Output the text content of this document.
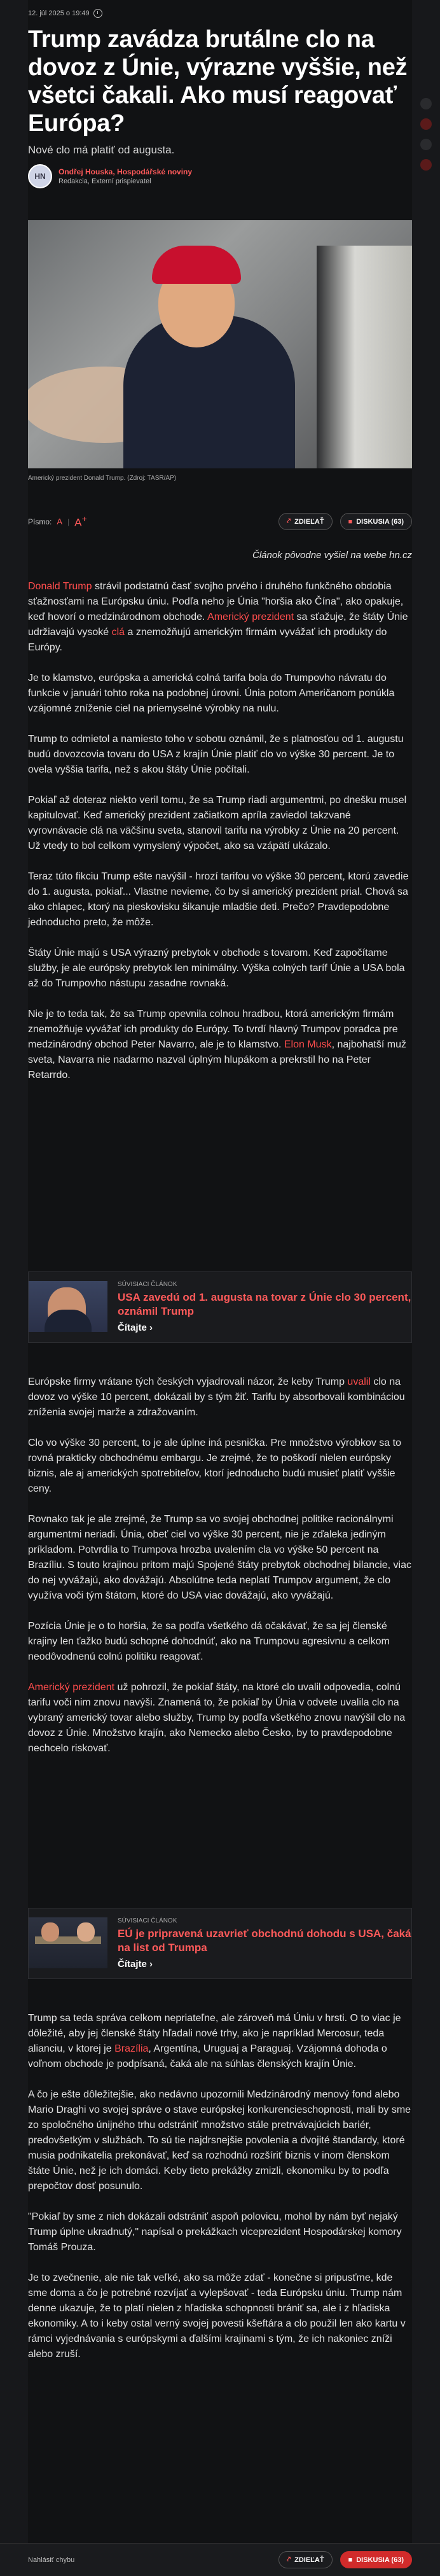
12. júl 2025 o 19:49
Trump zavádza brutálne clo na dovoz z Únie, výrazne vyššie, než všetci čakali. Ako musí reagovať Európa?
Nové clo má platiť od augusta.
HN	Ondřej Houska, Hospodářské noviny
Redakcia, Externí prispievatel
Americký prezident Donald Trump. (Zdroj: TASR/AP)
Písmo: A | A+	⤤ ZDIEĽAŤ	■ DISKUSIA (63)
Článok pôvodne vyšiel na webe hn.cz

Donald Trump strávil podstatnú časť svojho prvého i druhého funkčného obdobia sťažnosťami na Európsku úniu. Podľa neho je Únia "horšia ako Čína", ako opakuje, keď hovorí o medzinárodnom obchode. Americký prezident sa sťažuje, že štáty Únie udržiavajú vysoké clá a znemožňujú americkým firmám vyvážať ich produkty do Európy.

Je to klamstvo, európska a americká colná tarifa bola do Trumpovho návratu do funkcie v januári tohto roka na podobnej úrovni. Únia potom Američanom ponúkla vzájomné zníženie ciel na priemyselné výrobky na nulu.

Trump to odmietol a namiesto toho v sobotu oznámil, že s platnosťou od 1. augustu budú dovozcovia tovaru do USA z krajín Únie platiť clo vo výške 30 percent. Je to ovela vyššia tarifa, než s akou štáty Únie počítali.

Pokiaľ až doteraz niekto veril tomu, že sa Trump riadi argumentmi, po dnešku musel kapitulovať. Keď americký prezident začiatkom apríla zaviedol takzvané vyrovnávacie clá na väčšinu sveta, stanovil tarifu na výrobky z Únie na 20 percent. Už vtedy to bol celkom vymyslený výpočet, ako sa vzápätí ukázalo.

Teraz túto fikciu Trump ešte navýšil - hrozí tarifou vo výške 30 percent, ktorú zavedie do 1. augusta, pokiaľ... Vlastne nevieme, čo by si americký prezident prial. Chová sa ako chlapec, ktorý na pieskovisku šikanuje mladšie deti. Prečo? Pravdepodobne jednoducho preto, že môže.

Štáty Únie majú s USA výrazný prebytok v obchode s tovarom. Keď započítame služby, je ale európsky prebytok len minimálny. Výška colných taríf Únie a USA bola až do Trumpovho nástupu zasadne rovnaká.

Nie je to teda tak, že sa Trump opevnila colnou hradbou, ktorá americkým firmám znemožňuje vyvážať ich produkty do Európy. To tvrdí hlavný Trumpov poradca pre medzinárodný obchod Peter Navarro, ale je to klamstvo. Elon Musk, najbohatší muž sveta, Navarra nie nadarmo nazval úplným hlupákom a prekrstil ho na Peter Retarrdo.

SÚVISIACI ČLÁNOK
USA zavedú od 1. augusta na tovar z Únie clo 30 percent, oznámil Trump
Čítajte ›

Európske firmy vrátane tých českých vyjadrovali názor, že keby Trump uvalil clo na dovoz vo výške 10 percent, dokázali by s tým žiť. Tarifu by absorbovali kombináciou zníženia svojej marže a zdražovaním.

Clo vo výške 30 percent, to je ale úplne iná pesnička. Pre množstvo výrobkov sa to rovná prakticky obchodnému embargu. Je zrejmé, že to poškodí nielen európsky biznis, ale aj amerických spotrebiteľov, ktorí jednoducho budú musieť platiť vyššie ceny.

Rovnako tak je ale zrejmé, že Trump sa vo svojej obchodnej politike racionálnymi argumentmi neriadi. Únia, obeť ciel vo výške 30 percent, nie je zďaleka jediným príkladom. Potvrdila to Trumpova hrozba uvalením cla vo výške 50 percent na Brazíliu. S touto krajinou pritom majú Spojené štáty prebytok obchodnej bilancie, viac do nej vyvážajú, ako dovážajú. Absolútne teda neplatí Trumpov argument, že clo využíva voči tým štátom, ktoré do USA viac dovážajú, ako vyvážajú.

Pozícia Únie je o to horšia, že sa podľa všetkého dá očakávať, že sa jej členské krajiny len ťažko budú schopné dohodnúť, ako na Trumpovu agresivnu a celkom neodôvodnenú colnú politiku reagovať.

Americký prezident už pohrozil, že pokiaľ štáty, na ktoré clo uvalil odpovedia, colnú tarifu voči nim znovu navýši. Znamená to, že pokiaľ by Únia v odvete uvalila clo na vybraný americký tovar alebo služby, Trump by podľa všetkého znovu navýšil clo na dovoz z Únie. Množstvo krajín, ako Nemecko alebo Česko, by to pravdepodobne nechcelo riskovať.

SÚVISIACI ČLÁNOK
EÚ je pripravená uzavrieť obchodnú dohodu s USA, čaká na list od Trumpa
Čítajte ›

Trump sa teda správa celkom nepriateľne, ale zároveň má Úniu v hrsti. O to viac je dôležité, aby jej členské štáty hľadali nové trhy, ako je napríklad Mercosur, teda alianciu, v ktorej je Brazília, Argentína, Uruguaj a Paraguaj. Vzájomná dohoda o voľnom obchode je podpísaná, čaká ale na súhlas členských krajín Únie.

A čo je ešte dôležitejšie, ako nedávno upozornili Medzinárodný menový fond alebo Mario Draghi vo svojej správe o stave európskej konkurencieschopnosti, mali by sme zo spoločného únijného trhu odstrániť množstvo stále pretrvávajúcich bariér, predovšetkým v službách. To sú tie najdrsnejšie povolenia a dvojité štandardy, ktoré musia podnikatelia prekonávať, keď sa rozhodnú rozšíriť biznis v inom členskom štáte Únie, než je ich domáci. Keby tieto prekážky zmizli, ekonomiku by to podľa prepočtov dosť posunulo.

"Pokiaľ by sme z nich dokázali odstrániť aspoň polovicu, mohol by nám byť nejaký Trump úplne ukradnutý," napísal o prekážkach viceprezident Hospodárskej komory Tomáš Prouza.

Je to zvečnenie, ale nie tak veľké, ako sa môže zdať - konečne si pripusťme, kde sme doma a čo je potrebné rozvíjať a vylepšovať - teda Európsku úniu. Trump nám denne ukazuje, že to platí nielen z hľadiska schopnosti brániť sa, ale i z hľadiska ekonomiky. A to i keby ostal verný svojej povesti kšeftára a clo použil len ako kartu v rámci vyjednávania s európskymi a ďalšími krajinami s tým, že ich nakoniec zníži alebo zruší.

Nahlásiť chybu	⤤ ZDIEĽAŤ	■ DISKUSIA (63)
